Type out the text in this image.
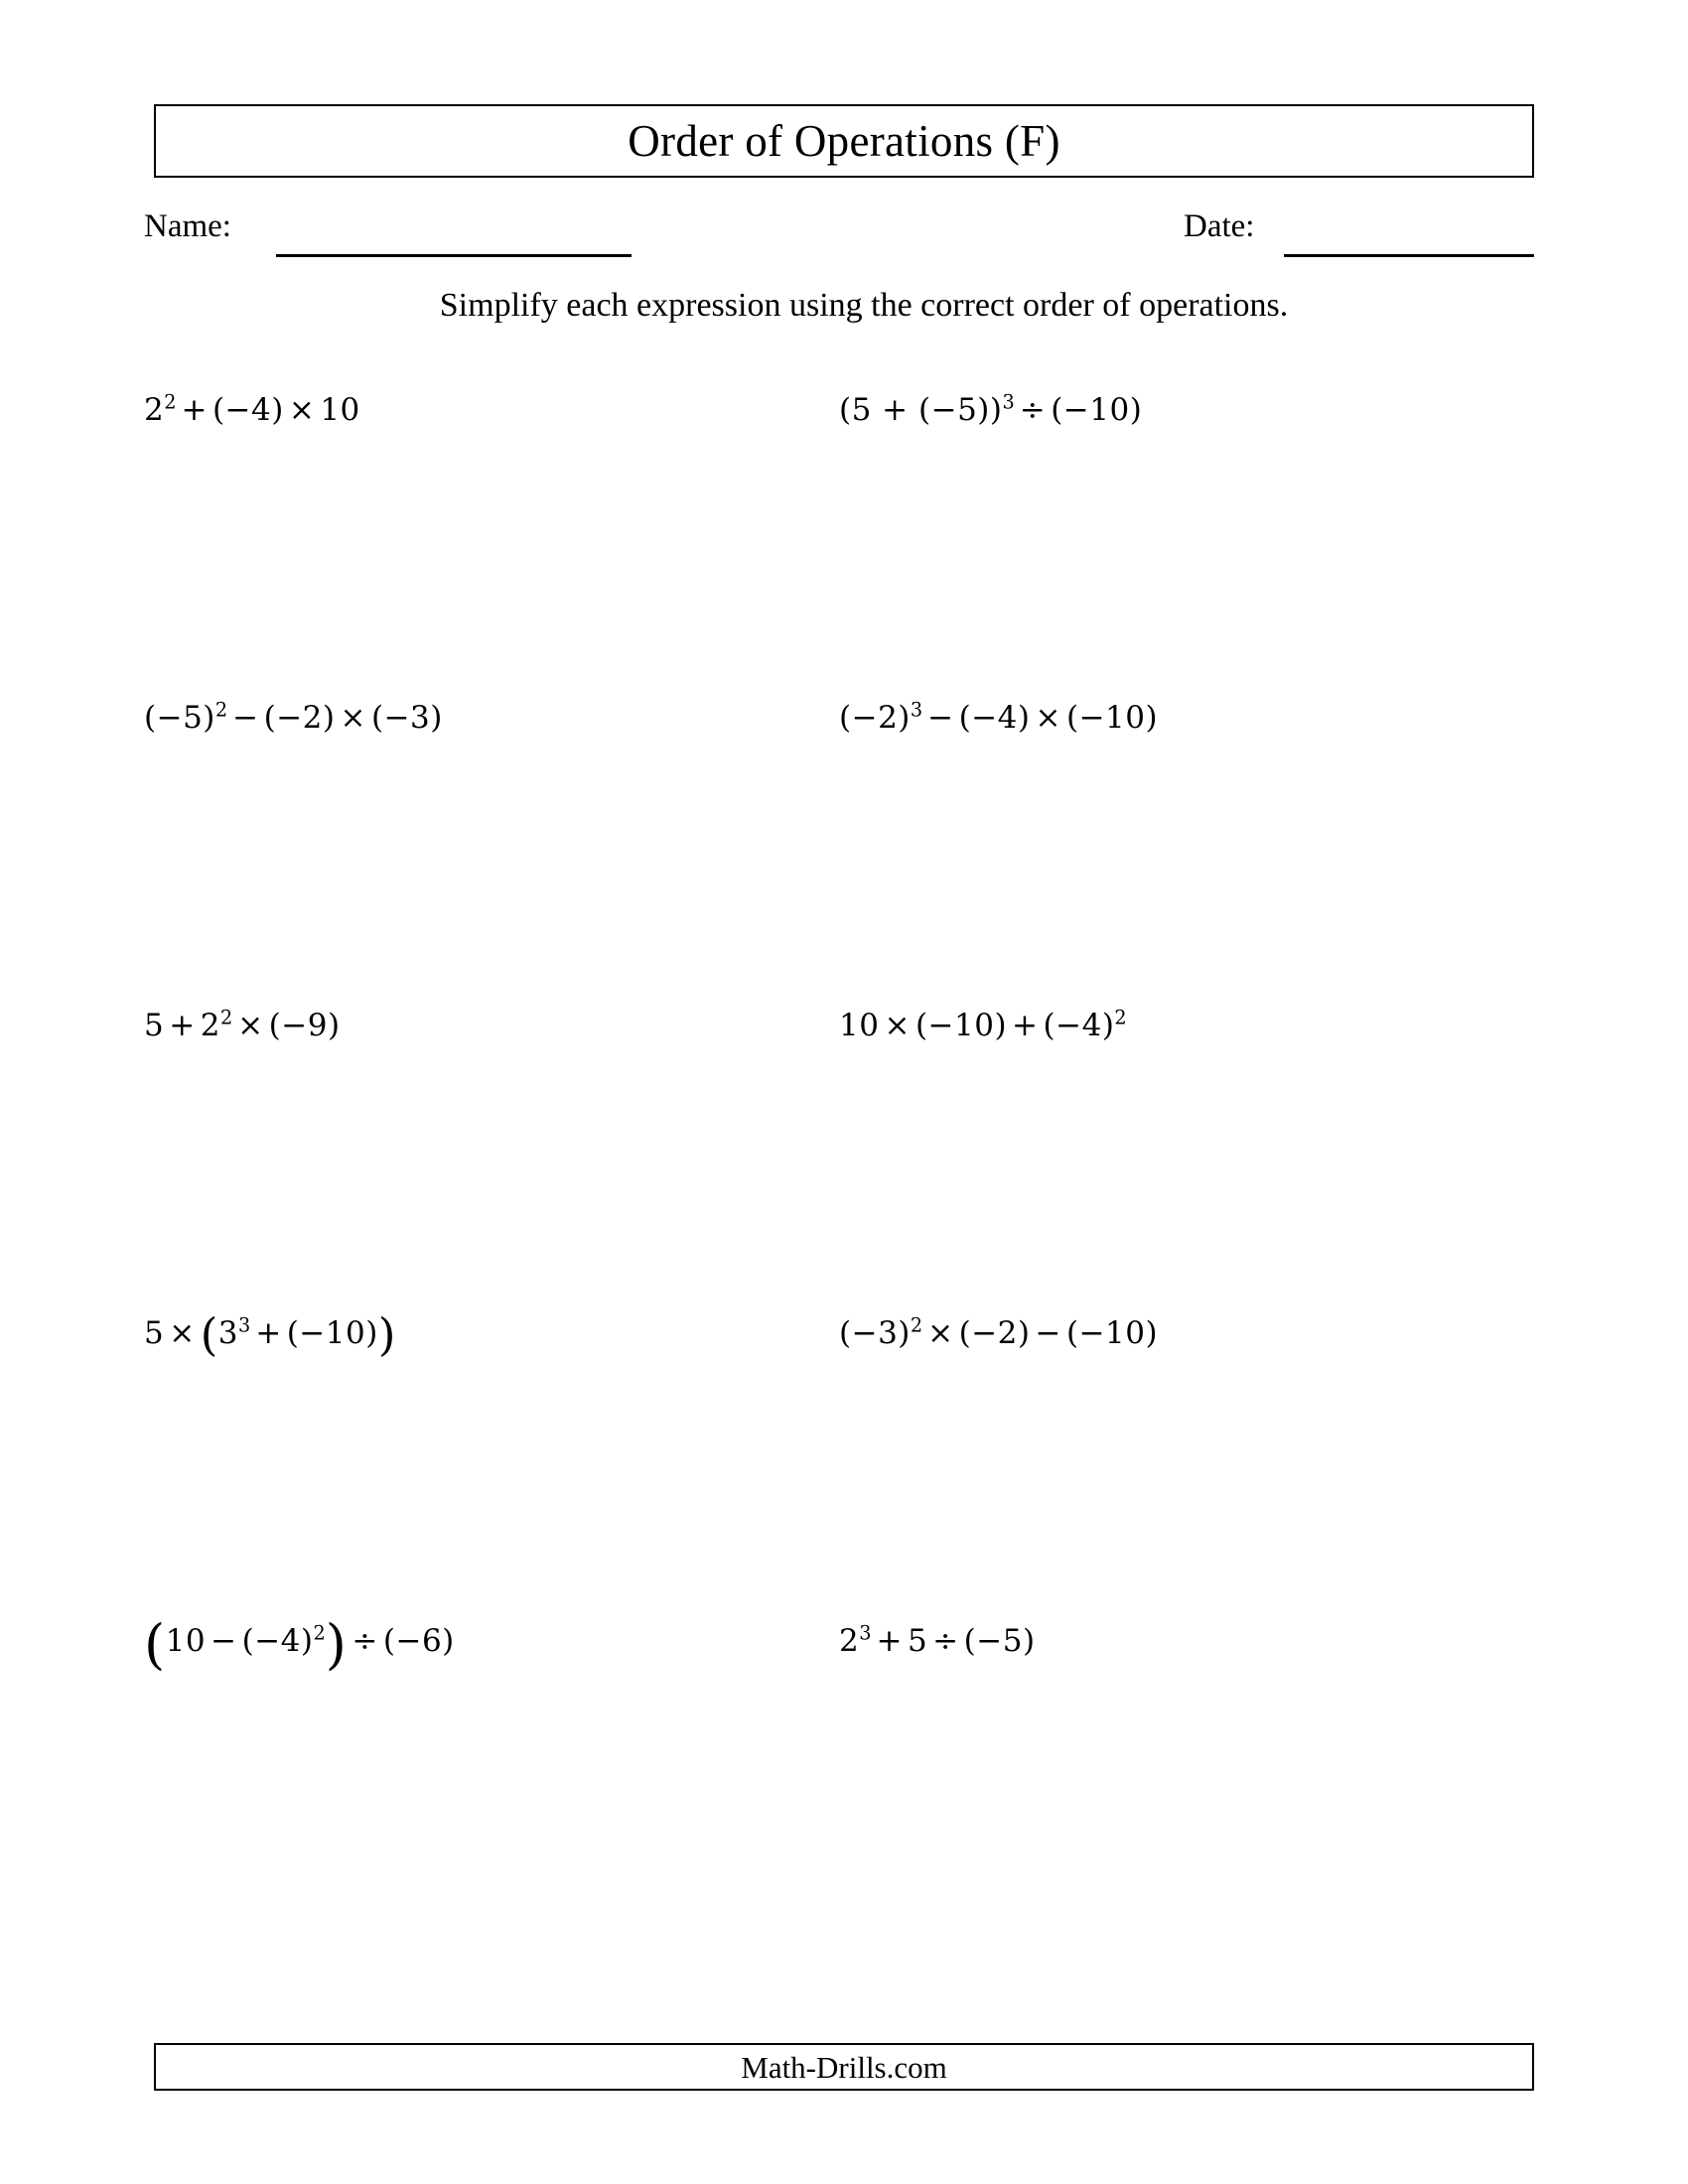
Order of Operations (F)
Name:	Date:
Simplify each expression using the correct order of operations.
$2^2 + (-4) \times 10$	$(5 + (-5))^3 \div (-10)$
$(-5)^2 - (-2) \times (-3)$	$(-2)^3 - (-4) \times (-10)$
$5 + 2^2 \times (-9)$	$10 \times (-10) + (-4)^2$
$5 \times (3^3 + (-10))$	$(-3)^2 \times (-2) - (-10)$
$(10 - (-4)^2) \div (-6)$	$2^3 + 5 \div (-5)$
Math-Drills.com
